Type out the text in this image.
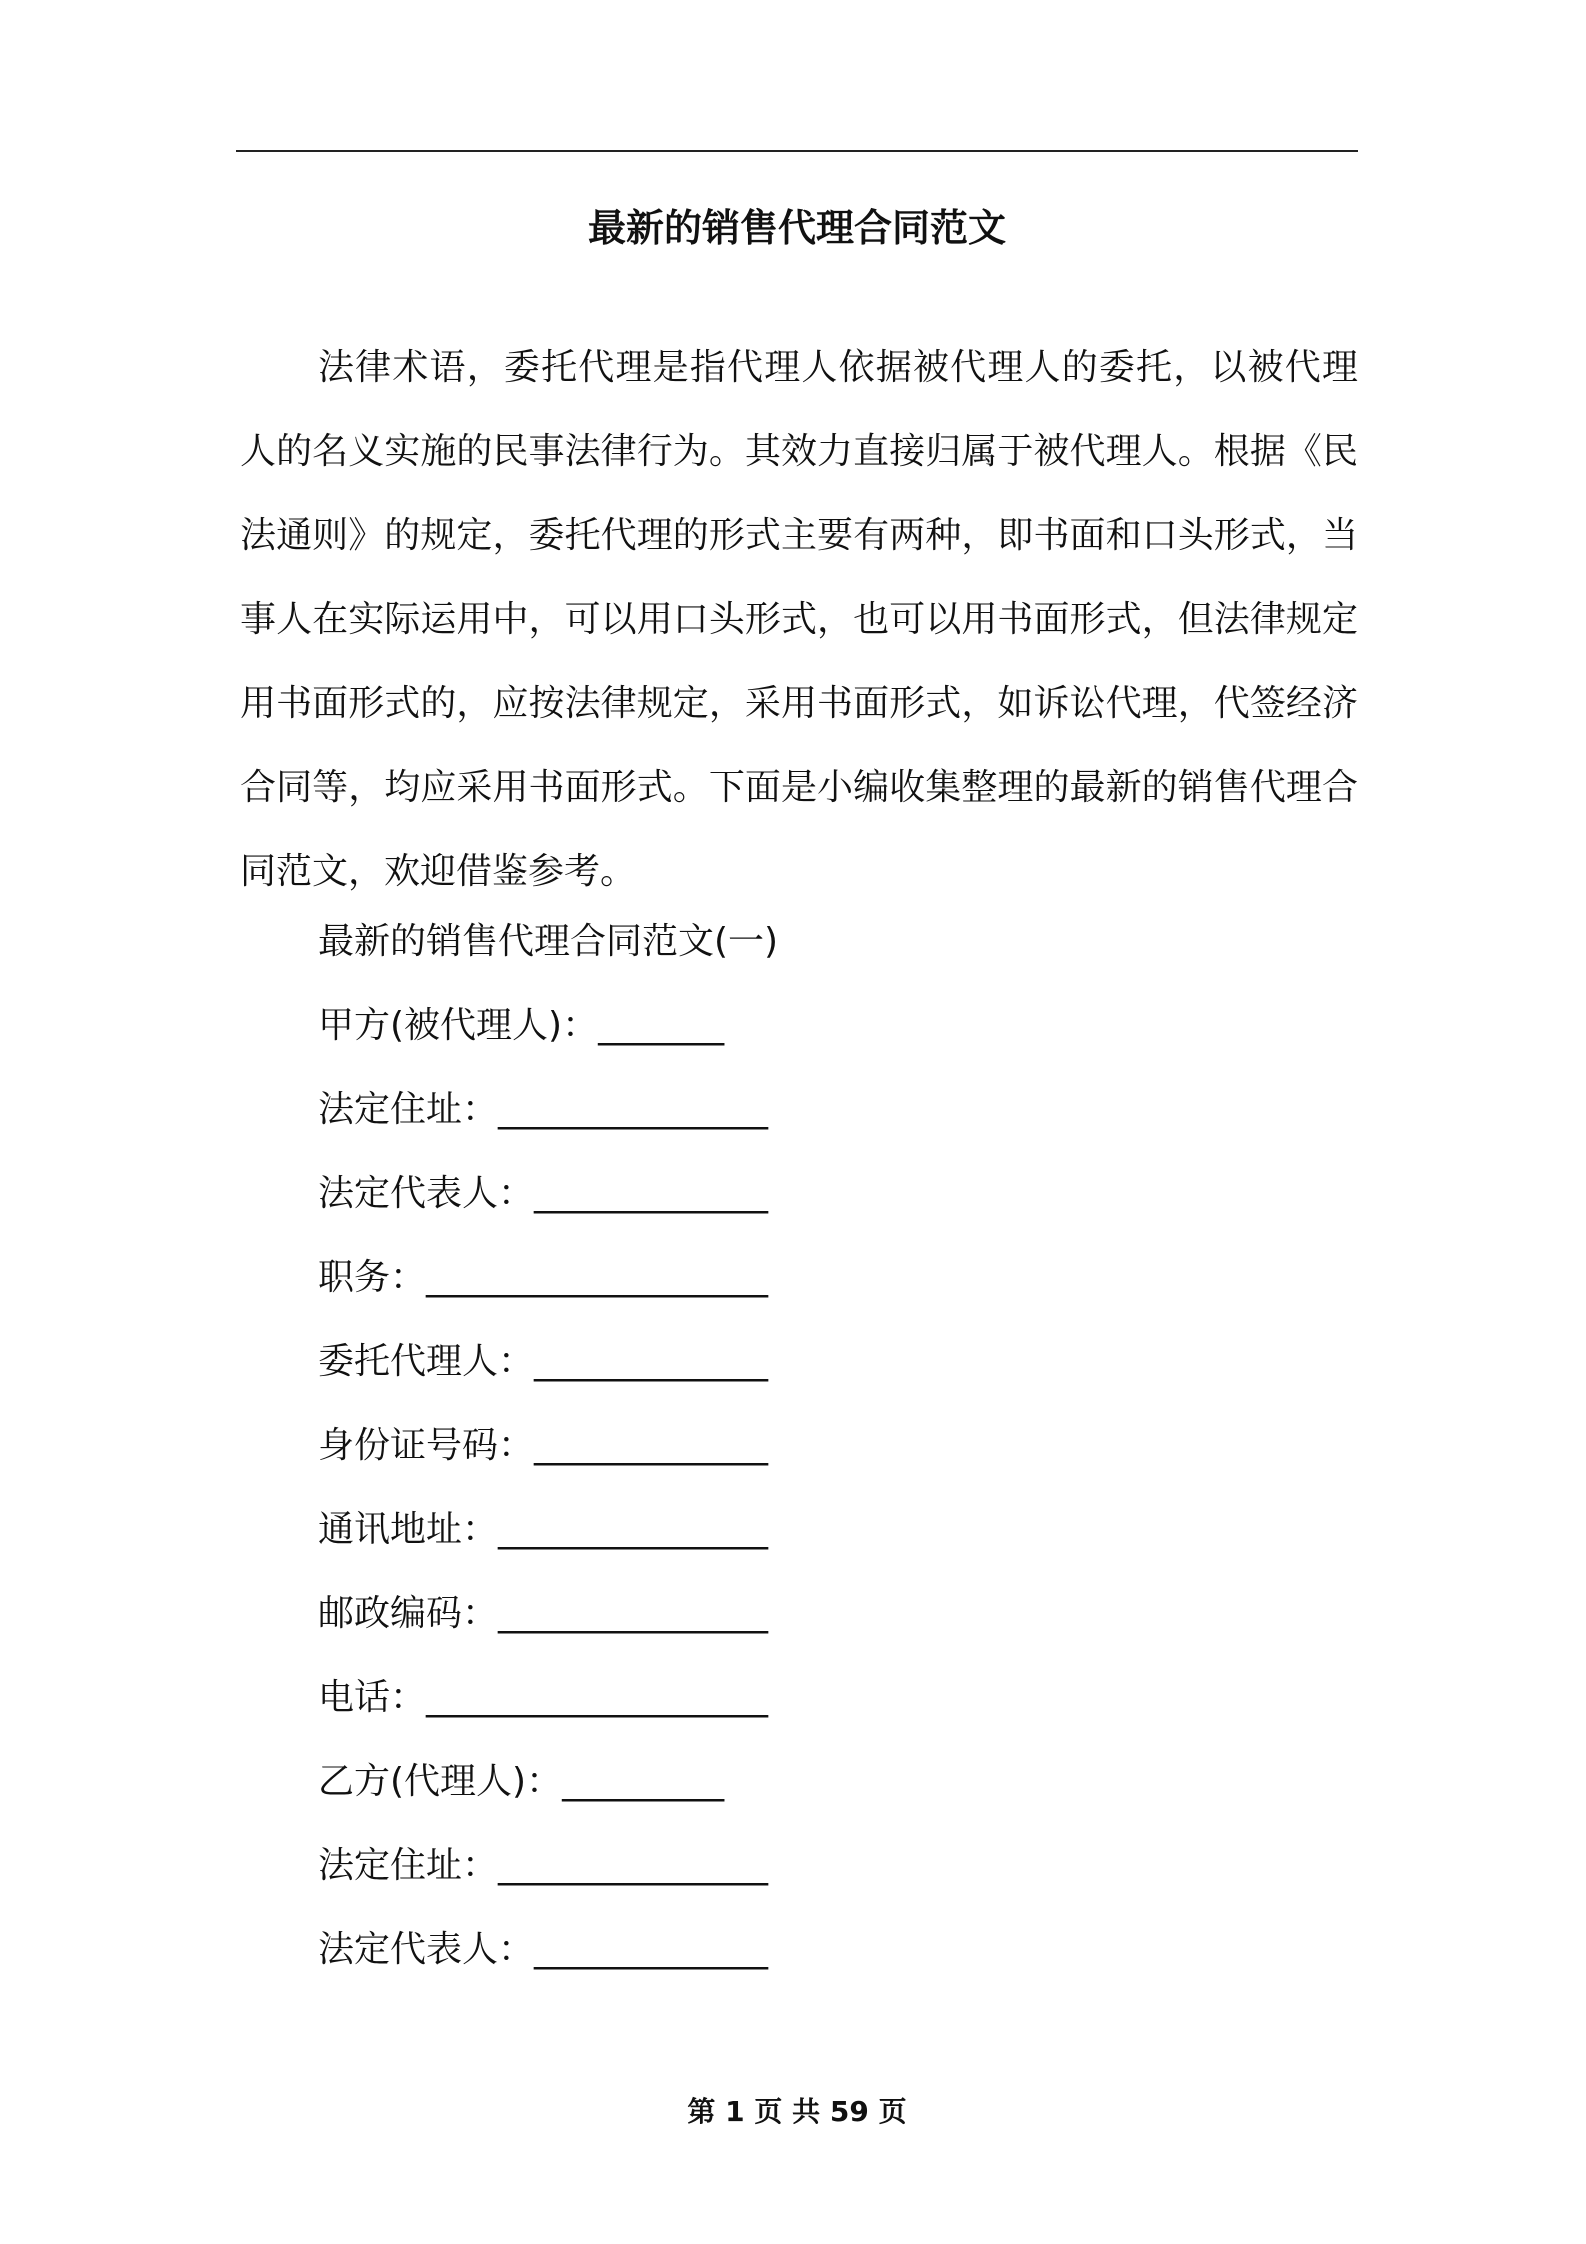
最新的销售代理合同范文

法律术语，委托代理是指代理人依据被代理人的委托，以被代理人的名义实施的民事法律行为。其效力直接归属于被代理人。根据《民法通则》的规定，委托代理的形式主要有两种，即书面和口头形式，当事人在实际运用中，可以用口头形式，也可以用书面形式，但法律规定用书面形式的，应按法律规定，采用书面形式，如诉讼代理，代签经济合同等，均应采用书面形式。下面是小编收集整理的最新的销售代理合同范文，欢迎借鉴参考。

最新的销售代理合同范文(一)
甲方(被代理人)：_______
法定住址：_______________
法定代表人：_____________
职务：___________________
委托代理人：_____________
身份证号码：_____________
通讯地址：_______________
邮政编码：_______________
电话：___________________
乙方(代理人)：_________
法定住址：_______________
法定代表人：_____________
第 1 页 共 59 页
